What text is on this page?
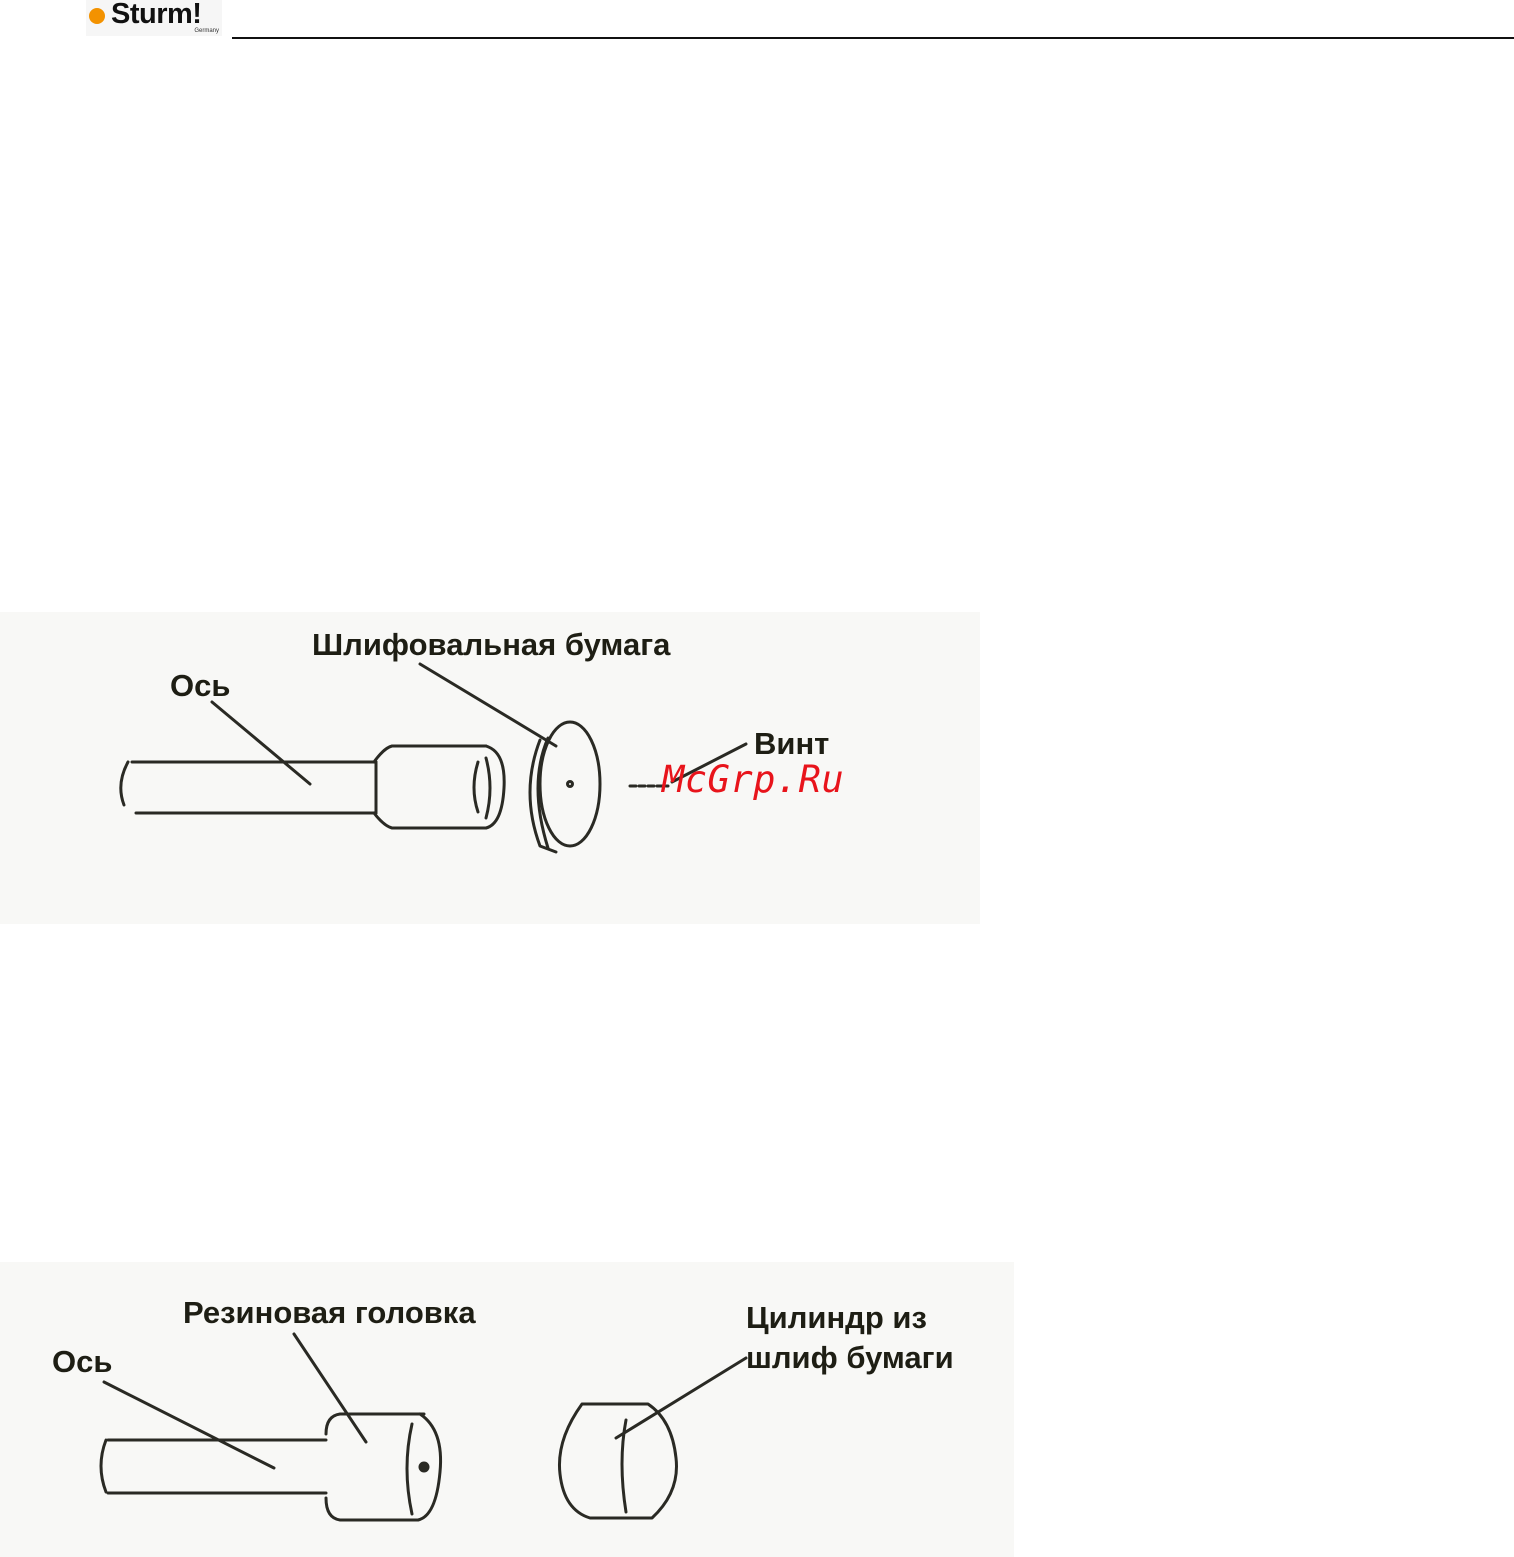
Sturm!
Germany
Шлифовальная бумага
Ось
Винт
McGrp.Ru
Резиновая головка
Ось
Цилиндр из
шлиф бумаги
